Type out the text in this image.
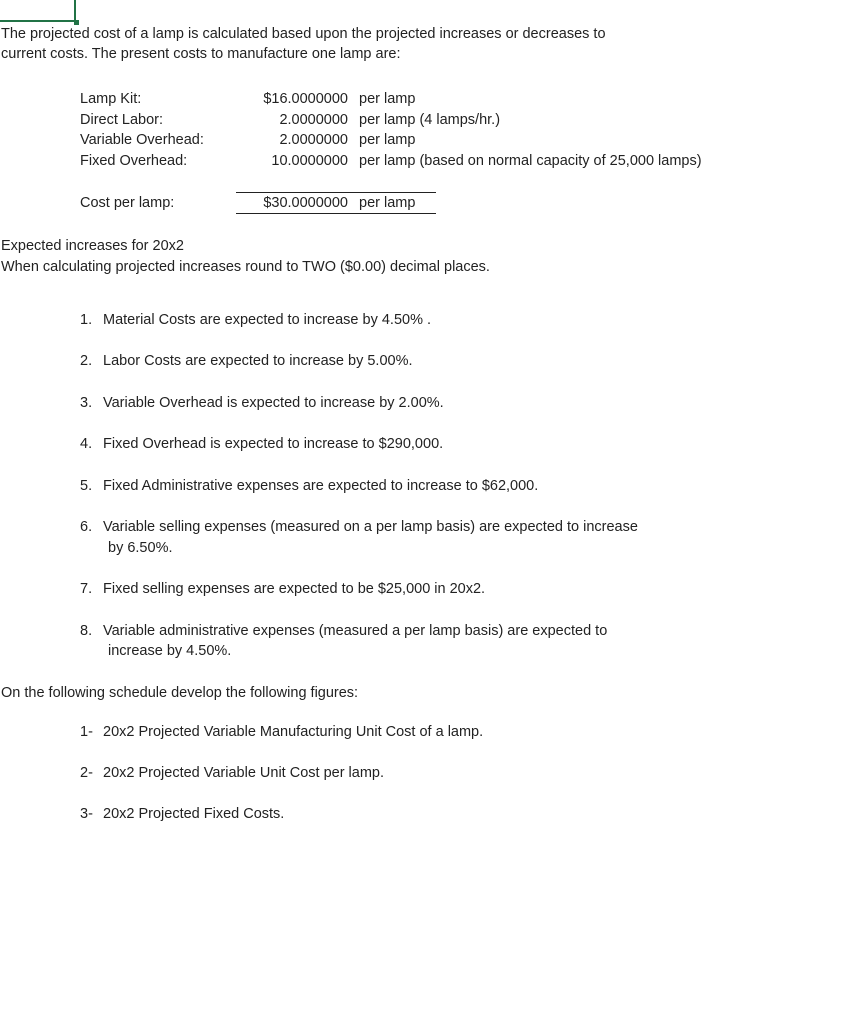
The projected cost of a lamp is calculated based upon the projected increases or decreases to
current costs. The present costs to manufacture one lamp are:
Lamp Kit:	$16.0000000 per lamp
Direct Labor:	2.0000000 per lamp (4 lamps/hr.)
Variable Overhead:	2.0000000 per lamp
Fixed Overhead:	10.0000000 per lamp (based on normal capacity of 25,000 lamps)
Cost per lamp:	$30.0000000 per lamp
Expected increases for 20x2
When calculating projected increases round to TWO ($0.00) decimal places.
1. Material Costs are expected to increase by 4.50% .
2. Labor Costs are expected to increase by 5.00%.
3. Variable Overhead is expected to increase by 2.00%.
4. Fixed Overhead is expected to increase to $290,000.
5. Fixed Administrative expenses are expected to increase to $62,000.
6. Variable selling expenses (measured on a per lamp basis) are expected to increase
by 6.50%.
7. Fixed selling expenses are expected to be $25,000 in 20x2.
8. Variable administrative expenses (measured a per lamp basis) are expected to
increase by 4.50%.
On the following schedule develop the following figures:
1- 20x2 Projected Variable Manufacturing Unit Cost of a lamp.
2- 20x2 Projected Variable Unit Cost per lamp.
3- 20x2 Projected Fixed Costs.
